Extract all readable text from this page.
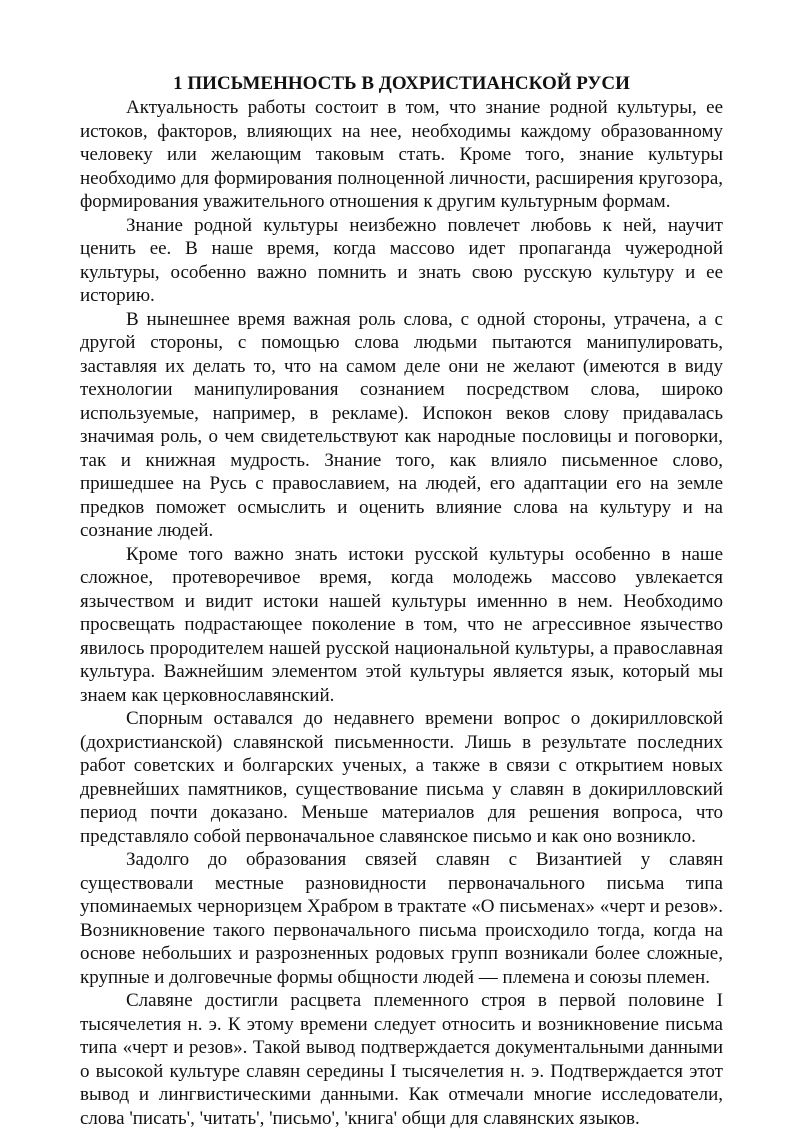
1 ПИСЬМЕННОСТЬ В ДОХРИСТИАНСКОЙ РУСИ

Актуальность работы состоит в том, что знание родной культуры, ее истоков, факторов, влияющих на нее, необходимы каждому образованному человеку или желающим таковым стать. Кроме того, знание культуры необходимо для формирования полноценной личности, расширения кругозора, формирования уважительного отношения к другим культурным формам.

Знание родной культуры неизбежно повлечет любовь к ней, научит ценить ее. В наше время, когда массово идет пропаганда чужеродной культуры, особенно важно помнить и знать свою русскую культуру и ее историю.

В нынешнее время важная роль слова, с одной стороны, утрачена, а с другой стороны, с помощью слова людьми пытаются манипулировать, заставляя их делать то, что на самом деле они не желают (имеются в виду технологии манипулирования сознанием посредством слова, широко используемые, например, в рекламе). Испокон веков слову придавалась значимая роль, о чем свидетельствуют как народные пословицы и поговорки, так и книжная мудрость. Знание того, как влияло письменное слово, пришедшее на Русь с православием, на людей, его адаптации его на земле предков поможет осмыслить и оценить влияние слова на культуру и на сознание людей.

Кроме того важно знать истоки русской культуры особенно в наше сложное, протеворечивое время, когда молодежь массово увлекается язычеством и видит истоки нашей культуры именнно в нем. Необходимо просвещать подрастающее поколение в том, что не агрессивное язычество явилось прородителем нашей русской национальной культуры, а православная культура. Важнейшим элементом этой культуры является язык, который мы знаем как церковнославянский.

Спорным оставался до недавнего времени вопрос о докирилловской (дохристианской) славянской письменности. Лишь в результате последних работ советских и болгарских ученых, а также в связи с открытием новых древнейших памятников, существование письма у славян в докирилловский период почти доказано. Меньше материалов для решения вопроса, что представляло собой первоначальное славянское письмо и как оно возникло.

Задолго до образования связей славян с Византией у славян существовали местные разновидности первоначального письма типа упоминаемых черноризцем Храбром в трактате «О письменах» «черт и резов». Возникновение такого первоначального письма происходило тогда, когда на основе небольших и разрозненных родовых групп возникали более сложные, крупные и долговечные формы общности людей — племена и союзы племен.

Славяне достигли расцвета племенного строя в первой половине I тысячелетия н. э. К этому времени следует относить и возникновение письма типа «черт и резов». Такой вывод подтверждается документальными данными о высокой культуре славян середины I тысячелетия н. э. Подтверждается этот вывод и лингвистическими данными. Как отмечали многие исследователи, слова 'писать', 'читать', 'письмо', 'книга' общи для славянских языков.
